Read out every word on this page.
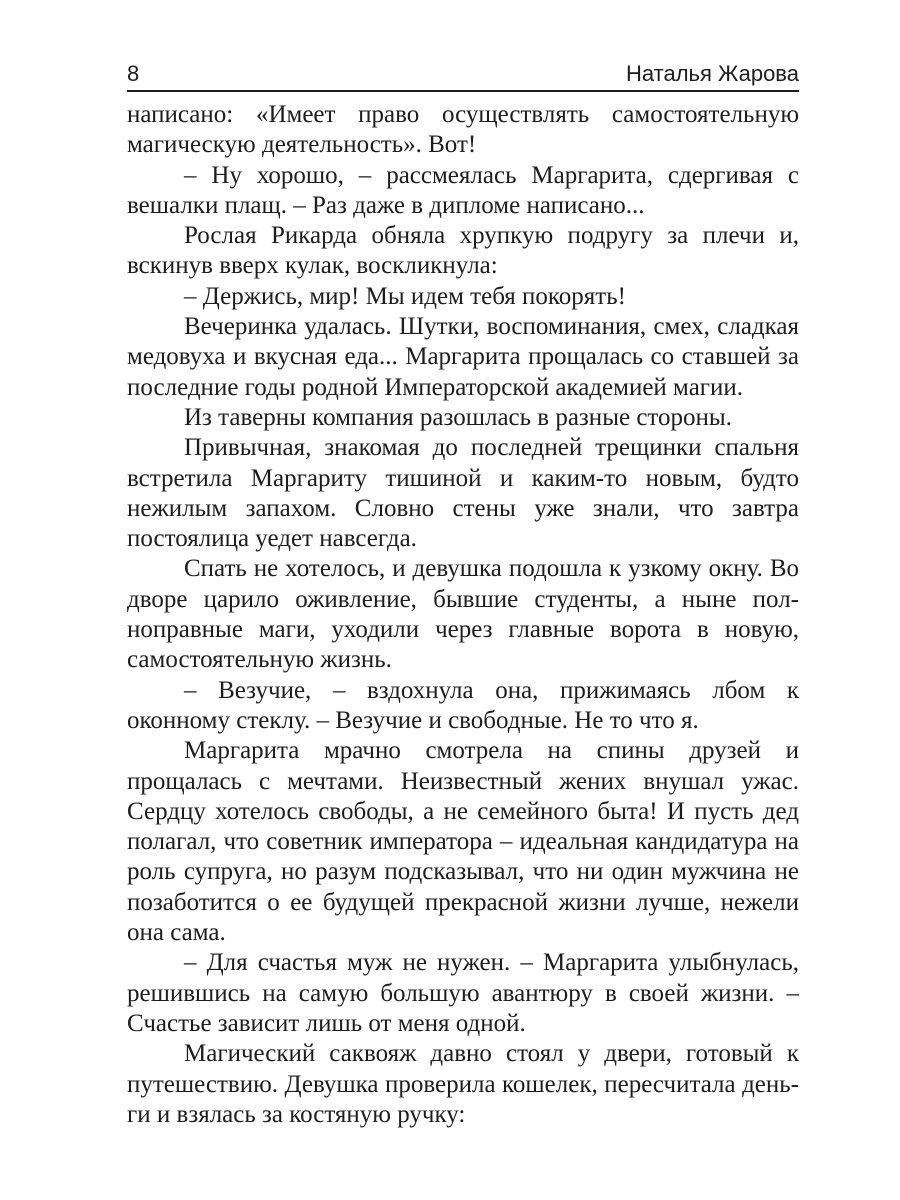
8	Наталья Жарова

написано: «Имеет право осуществлять самостоятельную магическую деятельность». Вот!

– Ну хорошо, – рассмеялась Маргарита, сдергивая с вешалки плащ. – Раз даже в дипломе написано...

Рослая Рикарда обняла хрупкую подругу за плечи и, вскинув вверх кулак, воскликнула:

– Держись, мир! Мы идем тебя покорять!

Вечеринка удалась. Шутки, воспоминания, смех, сладкая медовуха и вкусная еда... Маргарита прощалась со ставшей за последние годы родной Императорской академией магии.

Из таверны компания разошлась в разные стороны.

Привычная, знакомая до последней трещинки спальня встретила Маргариту тишиной и каким-то новым, будто нежилым запахом. Словно стены уже знали, что завтра постоялица уедет навсегда.

Спать не хотелось, и девушка подошла к узкому окну. Во дворе царило оживление, бывшие студенты, а ныне полноправные маги, уходили через главные ворота в новую, самостоятельную жизнь.

– Везучие, – вздохнула она, прижимаясь лбом к оконному стеклу. – Везучие и свободные. Не то что я.

Маргарита мрачно смотрела на спины друзей и прощалась с мечтами. Неизвестный жених внушал ужас. Сердцу хотелось свободы, а не семейного быта! И пусть дед полагал, что советник императора – идеальная кандидатура на роль супруга, но разум подсказывал, что ни один мужчина не позаботится о ее будущей прекрасной жизни лучше, нежели она сама.

– Для счастья муж не нужен. – Маргарита улыбнулась, решившись на самую большую авантюру в своей жизни. – Счастье зависит лишь от меня одной.

Магический саквояж давно стоял у двери, готовый к путешествию. Девушка проверила кошелек, пересчитала деньги и взялась за костяную ручку:
